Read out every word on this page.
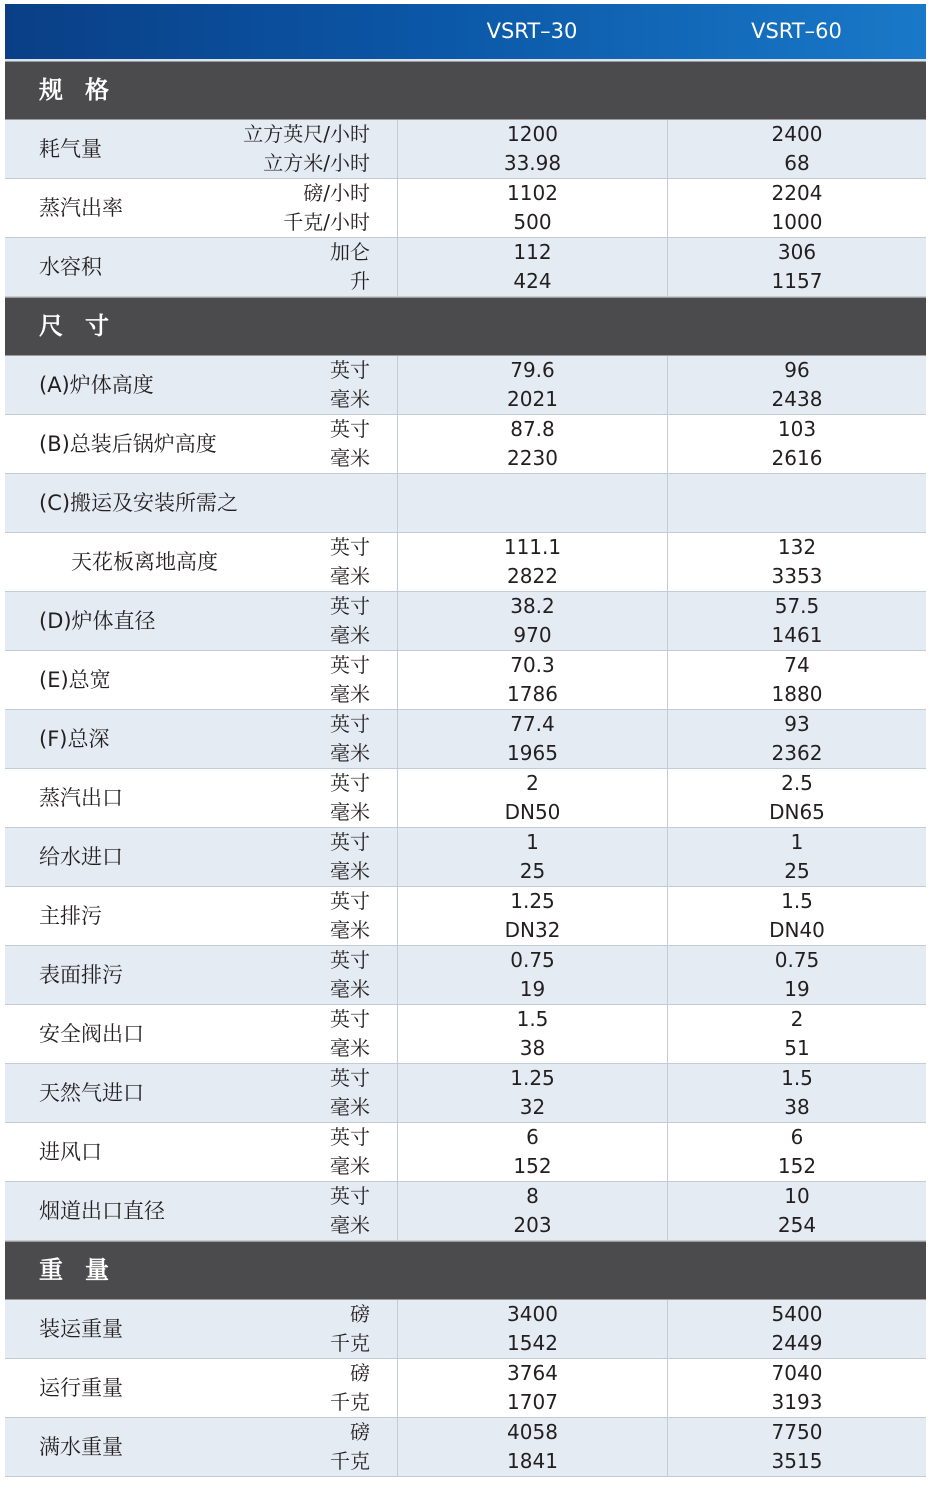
VSRT–30	VSRT–60
规格
耗气量
立方英尺/小时
立方米/小时
1200
33.98
2400
68
蒸汽出率
磅/小时
千克/小时
1102
500
2204
1000
水容积
加仑
升
112
424
306
1157
尺寸
(A)炉体高度
英寸
毫米
79.6
2021
96
2438
(B)总装后锅炉高度
英寸
毫米
87.8
2230
103
2616
(C)搬运及安装所需之
天花板离地高度
英寸
毫米
111.1
2822
132
3353
(D)炉体直径
英寸
毫米
38.2
970
57.5
1461
(E)总宽
英寸
毫米
70.3
1786
74
1880
(F)总深
英寸
毫米
77.4
1965
93
2362
蒸汽出口
英寸
毫米
2
DN50
2.5
DN65
给水进口
英寸
毫米
1
25
1
25
主排污
英寸
毫米
1.25
DN32
1.5
DN40
表面排污
英寸
毫米
0.75
19
0.75
19
安全阀出口
英寸
毫米
1.5
38
2
51
天然气进口
英寸
毫米
1.25
32
1.5
38
进风口
英寸
毫米
6
152
6
152
烟道出口直径
英寸
毫米
8
203
10
254
重量
装运重量
磅
千克
3400
1542
5400
2449
运行重量
磅
千克
3764
1707
7040
3193
满水重量
磅
千克
4058
1841
7750
3515
